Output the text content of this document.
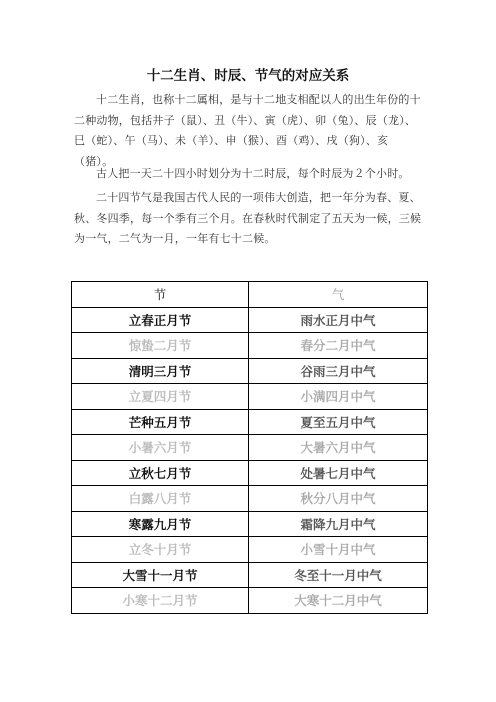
十二生肖、时辰、节气的对应关系

十二生肖，也称十二属相，是与十二地支相配以人的出生年份的十二种动物，包括井子（鼠）、丑（牛）、寅（虎）、卯（兔）、辰（龙）、巳（蛇）、午（马）、未（羊）、申（猴）、酉（鸡）、戌（狗）、亥（猪）。

古人把一天二十四小时划分为十二时辰，每个时辰为２个小时。

二十四节气是我国古代人民的一项伟大创造，把一年分为春、夏、秋、冬四季，每一个季有三个月。在春秋时代制定了五天为一候，三候为一气，二气为一月，一年有七十二候。

节	气
立春正月节	雨水正月中气
惊蛰二月节	春分二月中气
清明三月节	谷雨三月中气
立夏四月节	小满四月中气
芒种五月节	夏至五月中气
小暑六月节	大暑六月中气
立秋七月节	处暑七月中气
白露八月节	秋分八月中气
寒露九月节	霜降九月中气
立冬十月节	小雪十月中气
大雪十一月节	冬至十一月中气
小寒十二月节	大寒十二月中气
